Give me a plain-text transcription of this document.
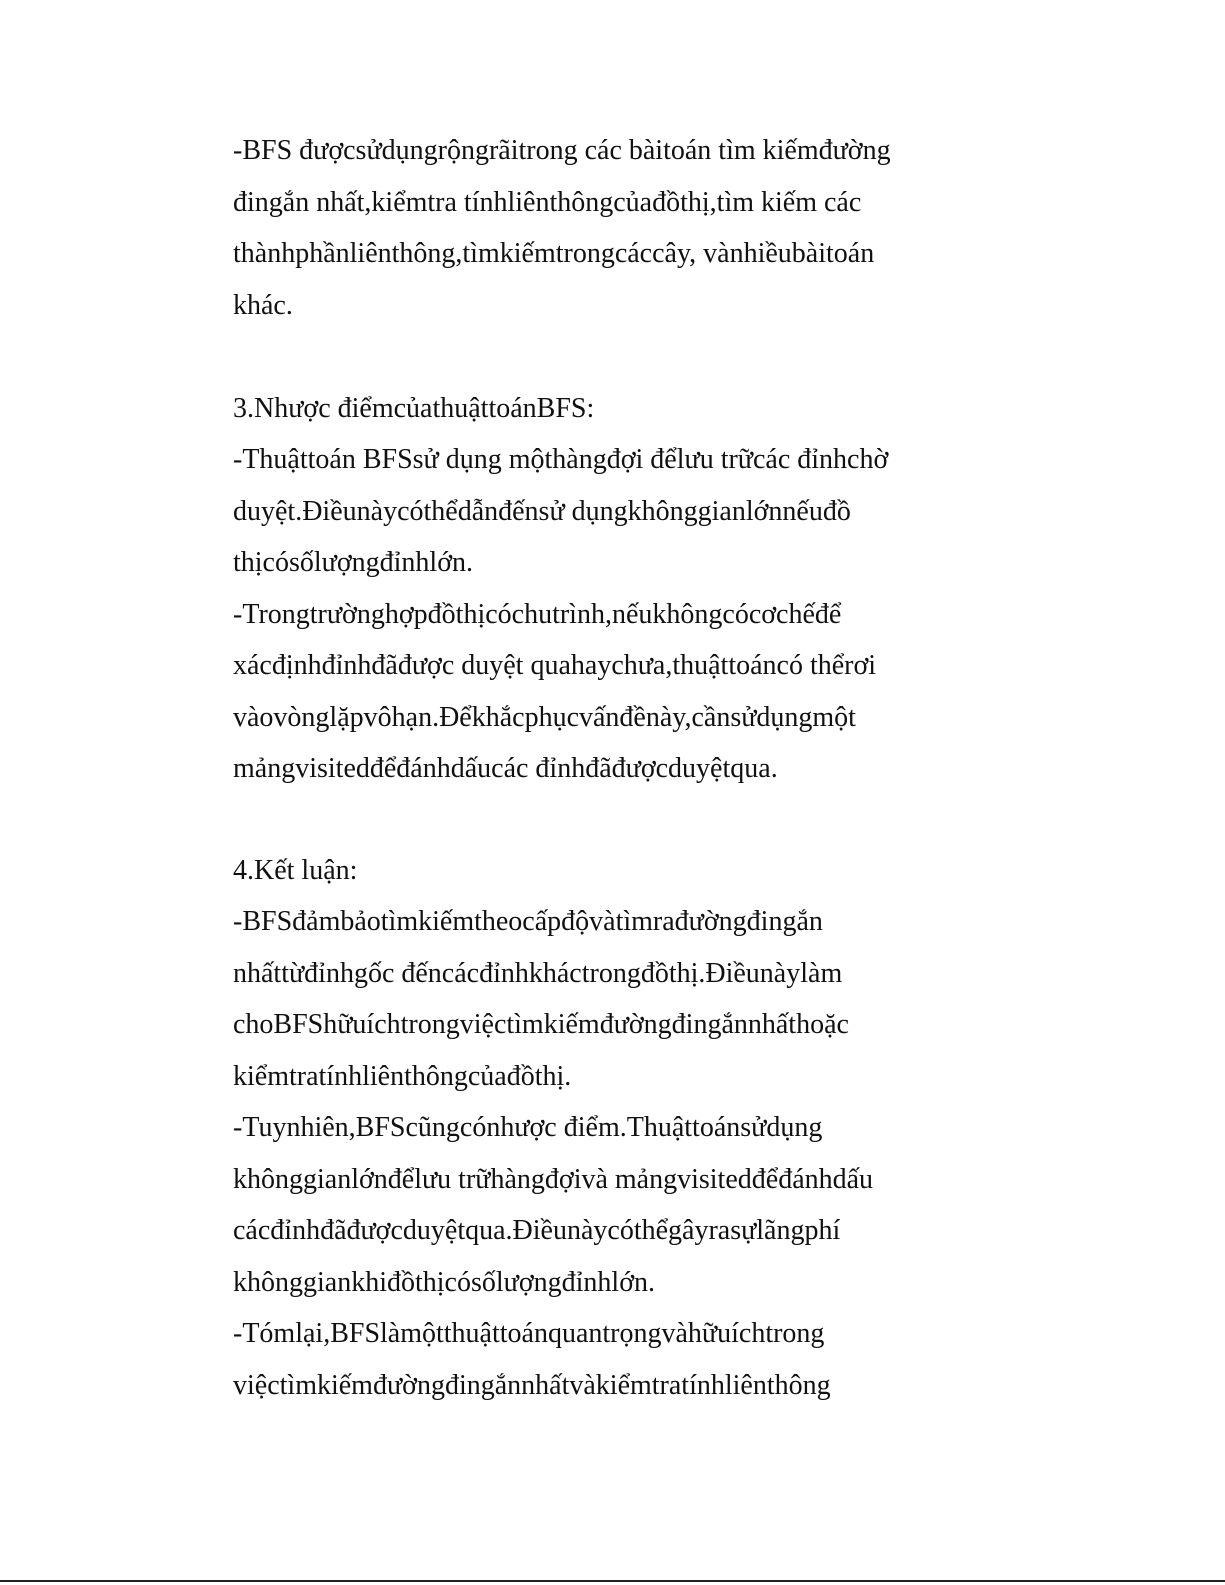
-BFS đượcsửdụngrộngrãitrong các bàitoán tìm kiếmđường
đingắn nhất,kiểmtra tínhliênthôngcủađồthị,tìm kiếm các
thànhphầnliênthông,tìmkiếmtrongcáccây, vànhiềubàitoán
khác.
3.Nhược điểmcủathuậttoánBFS:
-Thuậttoán BFSsử dụng mộthàngđợi đểlưu trữcác đỉnhchờ
duyệt.Điềunàycóthểdẫnđếnsử dụngkhônggianlớnnếuđồ
thịcósốlượngđỉnhlớn.
-Trongtrườnghợpđồthịcóchutrình,nếukhôngcócơchếđể
xácđịnhđỉnhđãđược duyệt quahaychưa,thuậttoáncó thểrơi
vàovònglặpvôhạn.Đểkhắcphụcvấnđềnày,cầnsửdụngmột
mảngvisitedđểđánhdấucác đỉnhđãđượcduyệtqua.
4.Kết luận:
-BFSđảmbảotìmkiếmtheocấpđộvàtìmrađườngđingắn
nhấttừđỉnhgốc đếncácđỉnhkháctrongđồthị.Điềunàylàm
choBFShữuíchtrongviệctìmkiếmđườngđingắnnhấthoặc
kiểmtratínhliênthôngcủađồthị.
-Tuynhiên,BFScũngcónhược điểm.Thuậttoánsửdụng
khônggianlớnđểlưu trữhàngđợivà mảngvisitedđểđánhdấu
cácđỉnhđãđượcduyệtqua.Điềunàycóthểgâyrasựlãngphí
khônggiankhiđồthịcósốlượngđỉnhlớn.
-Tómlại,BFSlàmộtthuậttoánquantrọngvàhữuíchtrong
việctìmkiếmđườngđingắnnhấtvàkiểmtratínhliênthông
